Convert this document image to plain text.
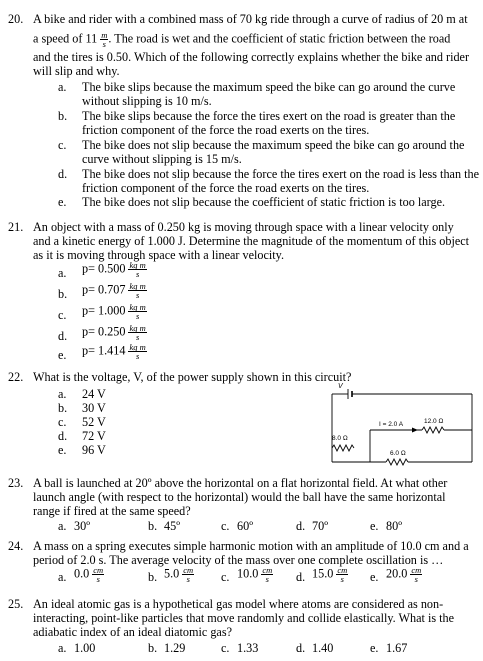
20. A bike and rider with a combined mass of 70 kg ride through a curve of radius of 20 m at
a speed of $11 \frac{m}{s}$ . The road is wet and the coefficient of static friction between the road
and the tires is 0.50. Which of the following correctly explains whether the bike and rider
will slip and why.
a. The bike slips because the maximum speed the bike can go around the curve
without slipping is 10 m/s.
b. The bike slips because the force the tires exert on the road is greater than the
friction component of the force the road exerts on the tires.
c. The bike does not slip because the maximum speed the bike can go around the
curve without slipping is 15 m/s.
d. The bike does not slip because the force the tires exert on the road is less than the
friction component of the force the road exerts on the tires.
e. The bike does not slip because the coefficient of static friction is too large.
21. An object with a mass of 0.250 kg is moving through space with a linear velocity only
and a kinetic energy of 1.000 J. Determine the magnitude of the momentum of this object
as it is moving through space with a linear velocity.
a. $p= 0.500 \frac{\text{kg m}}{s}$
b. $p= 0.707 \frac{\text{kg m}}{s}$
c. $p= 1.000 \frac{\text{kg m}}{s}$
d. $p= 0.250 \frac{\text{kg m}}{s}$
e. $p= 1.414 \frac{\text{kg m}}{s}$
22. What is the voltage, V, of the power supply shown in this circuit?
a. 24 V
b. 30 V
c. 52 V
d. 72 V
e. 96 V
V
I = 2.0 A	12.0 Ω
8.0 Ω
6.0 Ω
23. A ball is launched at 20º above the horizontal on a flat horizontal field. At what other
launch angle (with respect to the horizontal) would the ball have the same horizontal
range if fired at the same speed?
a. 30º	b. 45º	c. 60º	d. 70º	e. 80º
24. A mass on a spring executes simple harmonic motion with an amplitude of 10.0 cm and a
period of 2.0 s. The average velocity of the mass over one complete oscillation is …
a. $0.0 \frac{cm}{s}$	b. $5.0 \frac{cm}{s} c$. $10.0 \frac{cm}{s} d$. $15.0 \frac{cm}{s} e$. $20.0 \frac{cm}{s}$
25. An ideal atomic gas is a hypothetical gas model where atoms are considered as non-
interacting, point-like particles that move randomly and collide elastically. What is the
adiabatic index of an ideal diatomic gas?
a. 1.00	b. 1.29	c. 1.33	d. 1.40	e. 1.67
